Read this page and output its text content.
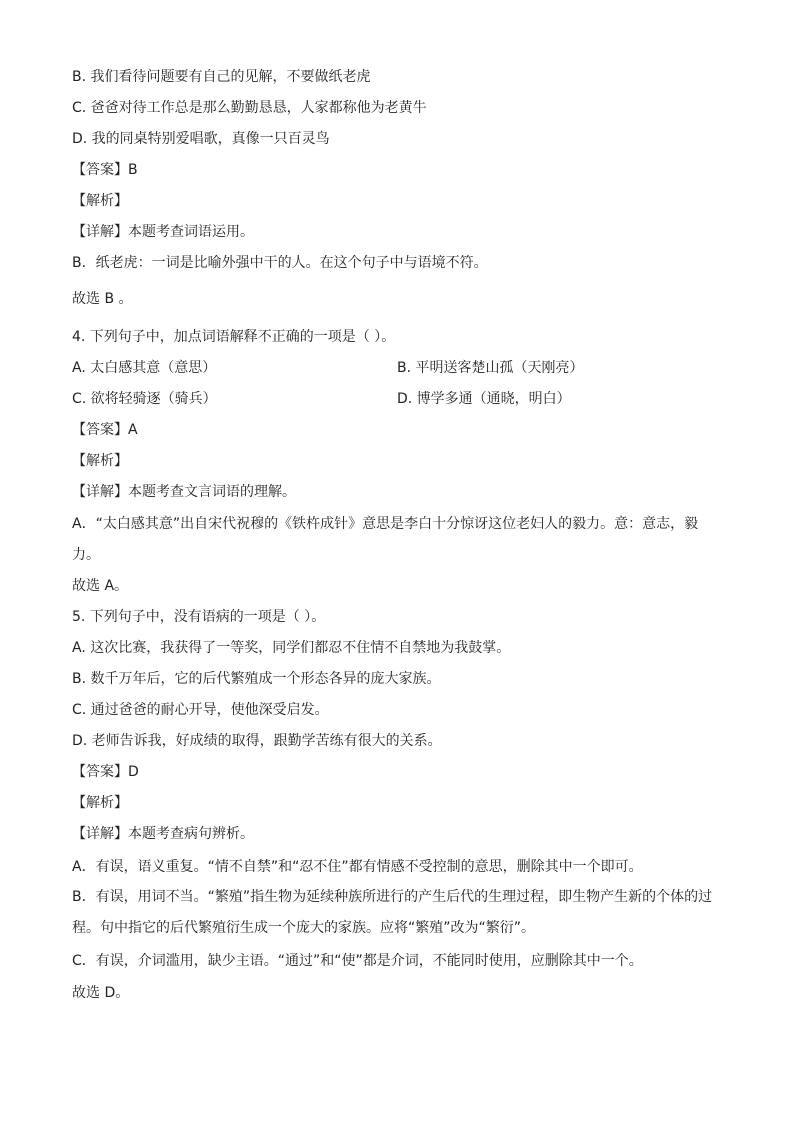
B. 我们看待问题要有自己的见解，不要做纸老虎
C. 爸爸对待工作总是那么勤勤恳恳，人家都称他为老黄牛
D. 我的同桌特别爱唱歌，真像一只百灵鸟
【答案】B
【解析】
【详解】本题考查词语运用。
B．纸老虎：一词是比喻外强中干的人。在这个句子中与语境不符。
故选 B 。
4. 下列句子中，加点词语解释不正确的一项是（ ）。
A. 太白感其意（意思）	B. 平明送客楚山孤（天刚亮）
C. 欲将轻骑逐（骑兵）	D. 博学多通（通晓，明白）
【答案】A
【解析】
【详解】本题考查文言词语的理解。
A．“太白感其意”出自宋代祝穆的《铁杵成针》意思是李白十分惊讶这位老妇人的毅力。意：意志，毅力。
故选 A。
5. 下列句子中，没有语病的一项是（ ）。
A. 这次比赛，我获得了一等奖，同学们都忍不住情不自禁地为我鼓掌。
B. 数千万年后，它的后代繁殖成一个形态各异的庞大家族。
C. 通过爸爸的耐心开导，使他深受启发。
D. 老师告诉我，好成绩的取得，跟勤学苦练有很大的关系。
【答案】D
【解析】
【详解】本题考查病句辨析。
A．有误，语义重复。“情不自禁”和“忍不住”都有情感不受控制的意思，删除其中一个即可。
B．有误，用词不当。“繁殖”指生物为延续种族所进行的产生后代的生理过程，即生物产生新的个体的过程。句中指它的后代繁殖衍生成一个庞大的家族。应将“繁殖”改为“繁衍”。
C．有误，介词滥用，缺少主语。“通过”和“使”都是介词，不能同时使用，应删除其中一个。
故选 D。
